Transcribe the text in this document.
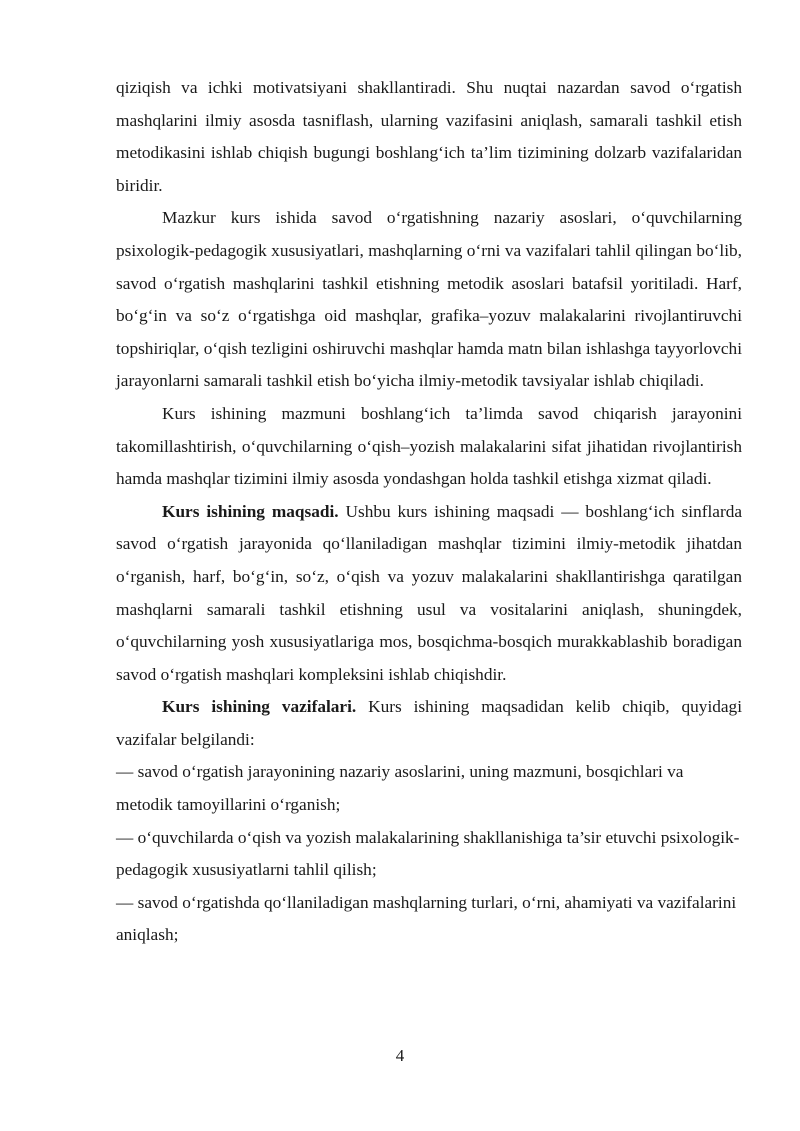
qiziqish va ichki motivatsiyani shakllantiradi. Shu nuqtai nazardan savod o‘rgatish mashqlarini ilmiy asosda tasniflash, ularning vazifasini aniqlash, samarali tashkil etish metodikasini ishlab chiqish bugungi boshlang‘ich ta’lim tizimining dolzarb vazifalaridan biridir.

Mazkur kurs ishida savod o‘rgatishning nazariy asoslari, o‘quvchilarning psixologik-pedagogik xususiyatlari, mashqlarning o‘rni va vazifalari tahlil qilingan bo‘lib, savod o‘rgatish mashqlarini tashkil etishning metodik asoslari batafsil yoritiladi. Harf, bo‘g‘in va so‘z o‘rgatishga oid mashqlar, grafika–yozuv malakalarini rivojlantiruvchi topshiriqlar, o‘qish tezligini oshiruvchi mashqlar hamda matn bilan ishlashga tayyorlovchi jarayonlarni samarali tashkil etish bo‘yicha ilmiy-metodik tavsiyalar ishlab chiqiladi.

Kurs ishining mazmuni boshlang‘ich ta’limda savod chiqarish jarayonini takomillashtirish, o‘quvchilarning o‘qish–yozish malakalarini sifat jihatidan rivojlantirish hamda mashqlar tizimini ilmiy asosda yondashgan holda tashkil etishga xizmat qiladi.

Kurs ishining maqsadi. Ushbu kurs ishining maqsadi — boshlang‘ich sinflarda savod o‘rgatish jarayonida qo‘llaniladigan mashqlar tizimini ilmiy-metodik jihatdan o‘rganish, harf, bo‘g‘in, so‘z, o‘qish va yozuv malakalarini shakllantirishga qaratilgan mashqlarni samarali tashkil etishning usul va vositalarini aniqlash, shuningdek, o‘quvchilarning yosh xususiyatlariga mos, bosqichma-bosqich murakkablashib boradigan savod o‘rgatish mashqlari kompleksini ishlab chiqishdir.

Kurs ishining vazifalari. Kurs ishining maqsadidan kelib chiqib, quyidagi vazifalar belgilandi:

— savod o‘rgatish jarayonining nazariy asoslarini, uning mazmuni, bosqichlari va metodik tamoyillarini o‘rganish;

— o‘quvchilarda o‘qish va yozish malakalarining shakllanishiga ta’sir etuvchi psixologik-pedagogik xususiyatlarni tahlil qilish;

— savod o‘rgatishda qo‘llaniladigan mashqlarning turlari, o‘rni, ahamiyati va vazifalarini aniqlash;

4
